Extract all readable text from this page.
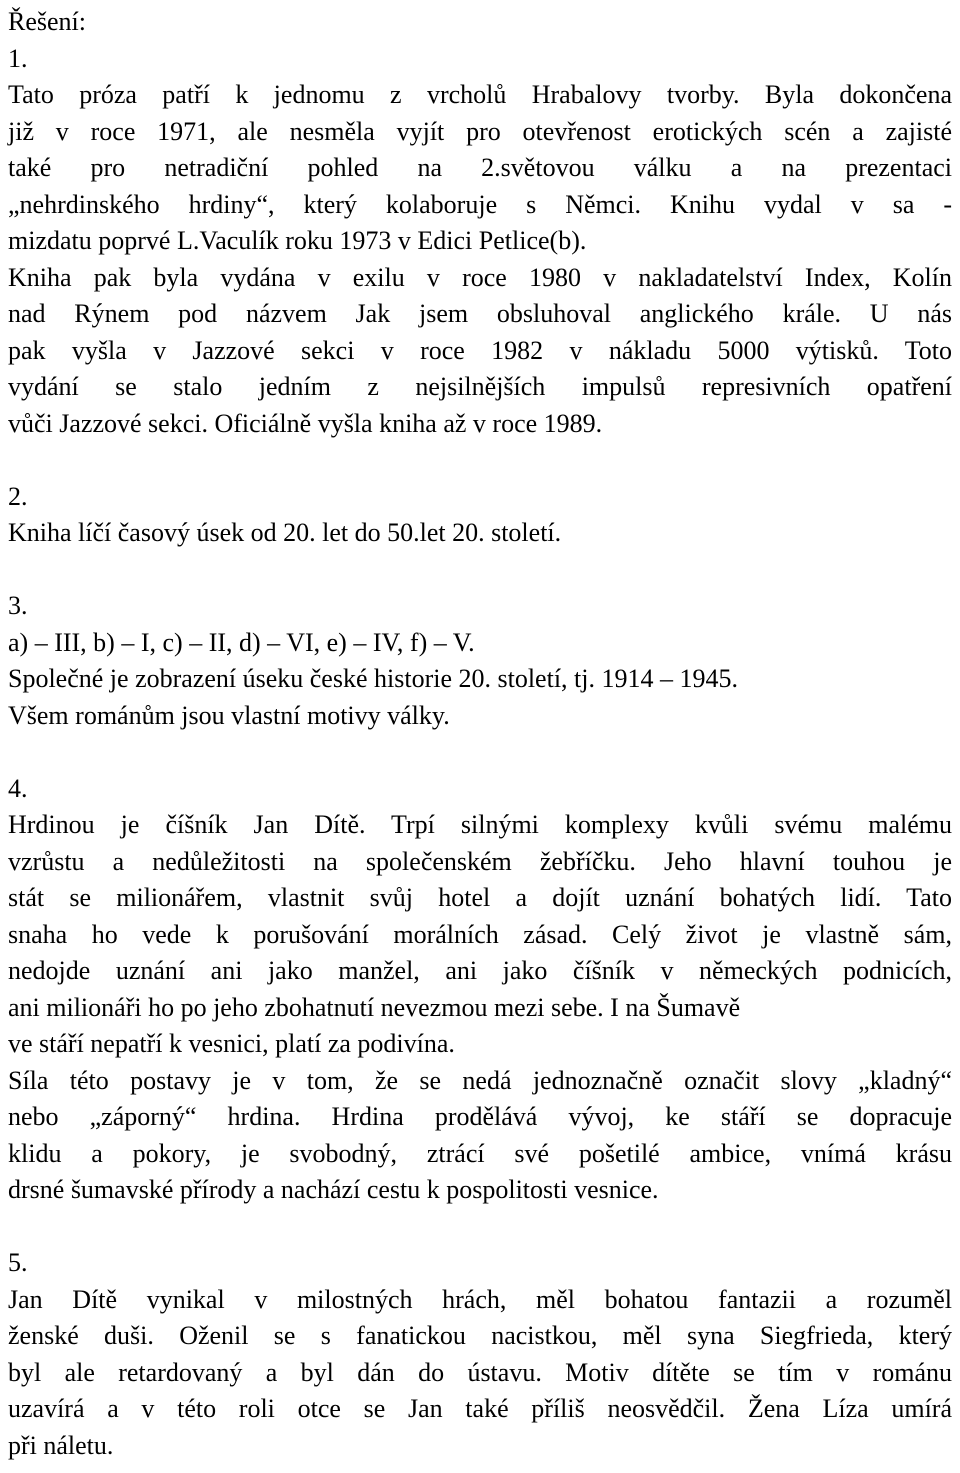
Řešení:
1.
Tato próza patří k jednomu z vrcholů Hrabalovy tvorby. Byla dokončena
již v roce 1971, ale nesměla vyjít pro otevřenost erotických scén a zajisté
také pro netradiční pohled na 2.světovou válku a na prezentaci
„nehrdinského hrdiny“, který kolaboruje s Němci. Knihu vydal v sa -
mizdatu poprvé L.Vaculík roku 1973 v Edici Petlice(b).
Kniha pak byla vydána v exilu v roce 1980 v nakladatelství Index, Kolín
nad Rýnem pod názvem Jak jsem obsluhoval anglického krále. U nás
pak vyšla v Jazzové sekci v roce 1982 v nákladu 5000 výtisků. Toto
vydání se stalo jedním z nejsilnějších impulsů represivních opatření
vůči Jazzové sekci. Oficiálně vyšla kniha až v roce 1989.
2.
Kniha líčí časový úsek od 20. let do 50.let 20. století.
3.
a) – III, b) – I, c) – II, d) – VI, e) – IV, f) – V.
Společné je zobrazení úseku české historie 20. století, tj. 1914 – 1945.
Všem románům jsou vlastní motivy války.
4.
Hrdinou je číšník Jan Dítě. Trpí silnými komplexy kvůli svému malému
vzrůstu a nedůležitosti na společenském žebříčku. Jeho hlavní touhou je
stát se milionářem, vlastnit svůj hotel a dojít uznání bohatých lidí. Tato
snaha ho vede k porušování morálních zásad. Celý život je vlastně sám,
nedojde uznání ani jako manžel, ani jako číšník v německých podnicích,
ani milionáři ho po jeho zbohatnutí nevezmou mezi sebe. I na Šumavě
ve stáří nepatří k vesnici, platí za podivína.
Síla této postavy je v tom, že se nedá jednoznačně označit slovy „kladný“
nebo „záporný“ hrdina. Hrdina prodělává vývoj, ke stáří se dopracuje
klidu a pokory, je svobodný, ztrácí své pošetilé ambice, vnímá krásu
drsné šumavské přírody a nachází cestu k pospolitosti vesnice.
5.
Jan Dítě vynikal v milostných hrách, měl bohatou fantazii a rozuměl
ženské duši. Oženil se s fanatickou nacistkou, měl syna Siegfrieda, který
byl ale retardovaný a byl dán do ústavu. Motiv dítěte se tím v románu
uzavírá a v této roli otce se Jan také příliš neosvědčil. Žena Líza umírá
při náletu.
